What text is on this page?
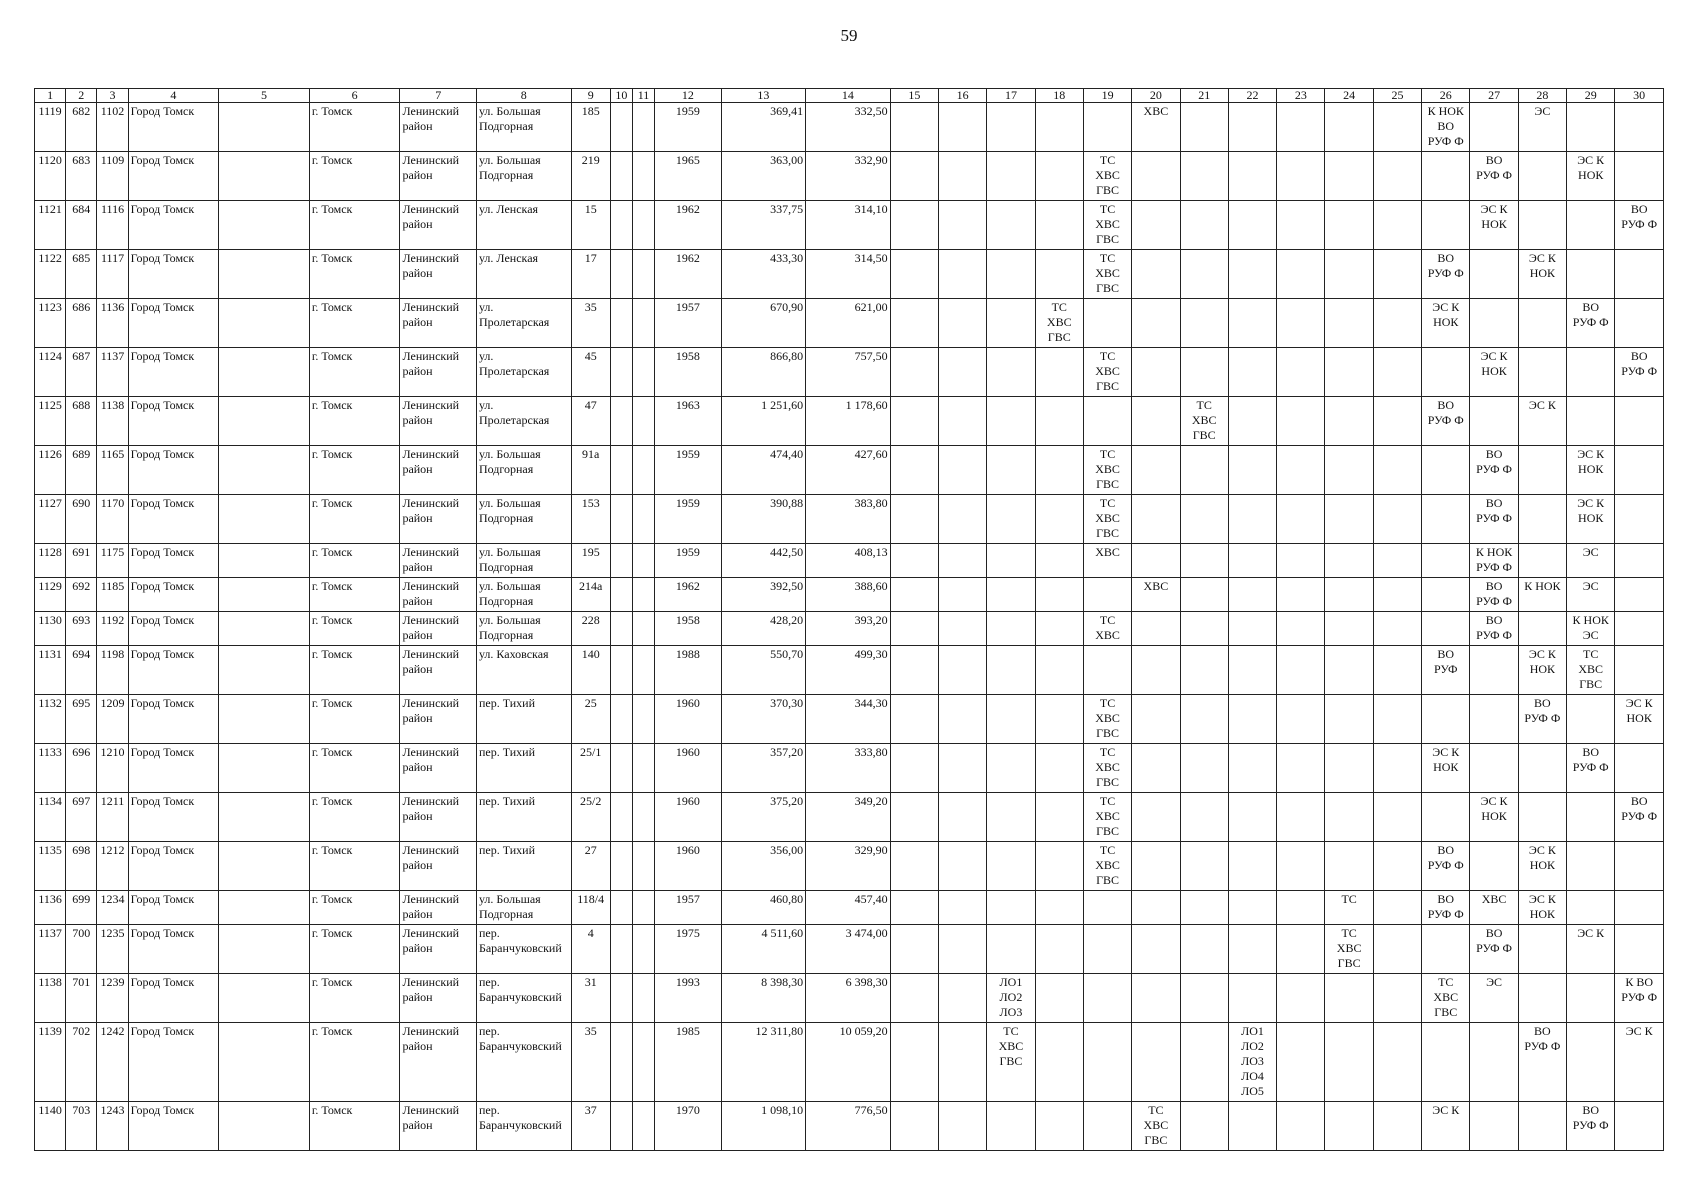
59
1	2	3	4	5	6	7	8	9	10	11	12	13	14	15	16	17	18	19	20	21	22	23	24	25	26	27	28	29	30
1119	682	1102	Город Томск		г. Томск	Ленинский
район	ул. Большая
Подгорная	185			1959	369,41	332,50						ХВС						К НОК
ВО
РУФ Ф		ЭС		
1120	683	1109	Город Томск		г. Томск	Ленинский
район	ул. Большая
Подгорная	219			1965	363,00	332,90					ТС
ХВС
ГВС								ВО
РУФ Ф		ЭС К
НОК	
1121	684	1116	Город Томск		г. Томск	Ленинский
район	ул. Ленская	15			1962	337,75	314,10					ТС
ХВС
ГВС								ЭС К
НОК			ВО
РУФ Ф
1122	685	1117	Город Томск		г. Томск	Ленинский
район	ул. Ленская	17			1962	433,30	314,50					ТС
ХВС
ГВС							ВО
РУФ Ф		ЭС К
НОК		
1123	686	1136	Город Томск		г. Томск	Ленинский
район	ул.
Пролетарская	35			1957	670,90	621,00				ТС
ХВС
ГВС								ЭС К
НОК			ВО
РУФ Ф	
1124	687	1137	Город Томск		г. Томск	Ленинский
район	ул.
Пролетарская	45			1958	866,80	757,50					ТС
ХВС
ГВС								ЭС К
НОК			ВО
РУФ Ф
1125	688	1138	Город Томск		г. Томск	Ленинский
район	ул.
Пролетарская	47			1963	1 251,60	1 178,60							ТС
ХВС
ГВС					ВО
РУФ Ф		ЭС К		
1126	689	1165	Город Томск		г. Томск	Ленинский
район	ул. Большая
Подгорная	91а			1959	474,40	427,60					ТС
ХВС
ГВС								ВО
РУФ Ф		ЭС К
НОК	
1127	690	1170	Город Томск		г. Томск	Ленинский
район	ул. Большая
Подгорная	153			1959	390,88	383,80					ТС
ХВС
ГВС								ВО
РУФ Ф		ЭС К
НОК	
1128	691	1175	Город Томск		г. Томск	Ленинский
район	ул. Большая
Подгорная	195			1959	442,50	408,13					ХВС								К НОК
РУФ Ф		ЭС	
1129	692	1185	Город Томск		г. Томск	Ленинский
район	ул. Большая
Подгорная	214а			1962	392,50	388,60						ХВС							ВО
РУФ Ф	К НОК	ЭС	
1130	693	1192	Город Томск		г. Томск	Ленинский
район	ул. Большая
Подгорная	228			1958	428,20	393,20					ТС
ХВС								ВО
РУФ Ф		К НОК
ЭС	
1131	694	1198	Город Томск		г. Томск	Ленинский
район	ул. Каховская	140			1988	550,70	499,30												ВО
РУФ		ЭС К
НОК	ТС
ХВС
ГВС	
1132	695	1209	Город Томск		г. Томск	Ленинский
район	пер. Тихий	25			1960	370,30	344,30					ТС
ХВС
ГВС									ВО
РУФ Ф		ЭС К
НОК
1133	696	1210	Город Томск		г. Томск	Ленинский
район	пер. Тихий	25/1			1960	357,20	333,80					ТС
ХВС
ГВС							ЭС К
НОК			ВО
РУФ Ф	
1134	697	1211	Город Томск		г. Томск	Ленинский
район	пер. Тихий	25/2			1960	375,20	349,20					ТС
ХВС
ГВС								ЭС К
НОК			ВО
РУФ Ф
1135	698	1212	Город Томск		г. Томск	Ленинский
район	пер. Тихий	27			1960	356,00	329,90					ТС
ХВС
ГВС							ВО
РУФ Ф		ЭС К
НОК		
1136	699	1234	Город Томск		г. Томск	Ленинский
район	ул. Большая
Подгорная	118/4			1957	460,80	457,40										ТС		ВО
РУФ Ф	ХВС	ЭС К
НОК		
1137	700	1235	Город Томск		г. Томск	Ленинский
район	пер.
Баранчуковский	4			1975	4 511,60	3 474,00										ТС
ХВС
ГВС			ВО
РУФ Ф		ЭС К	
1138	701	1239	Город Томск		г. Томск	Ленинский
район	пер.
Баранчуковский	31			1993	8 398,30	6 398,30			ЛО1
ЛО2
ЛО3									ТС
ХВС
ГВС	ЭС			К ВО
РУФ Ф
1139	702	1242	Город Томск		г. Томск	Ленинский
район	пер.
Баранчуковский	35			1985	12 311,80	10 059,20			ТС
ХВС
ГВС					ЛО1
ЛО2
ЛО3
ЛО4
ЛО5						ВО
РУФ Ф		ЭС К
1140	703	1243	Город Томск		г. Томск	Ленинский
район	пер.
Баранчуковский	37			1970	1 098,10	776,50						ТС
ХВС
ГВС						ЭС К			ВО
РУФ Ф	
